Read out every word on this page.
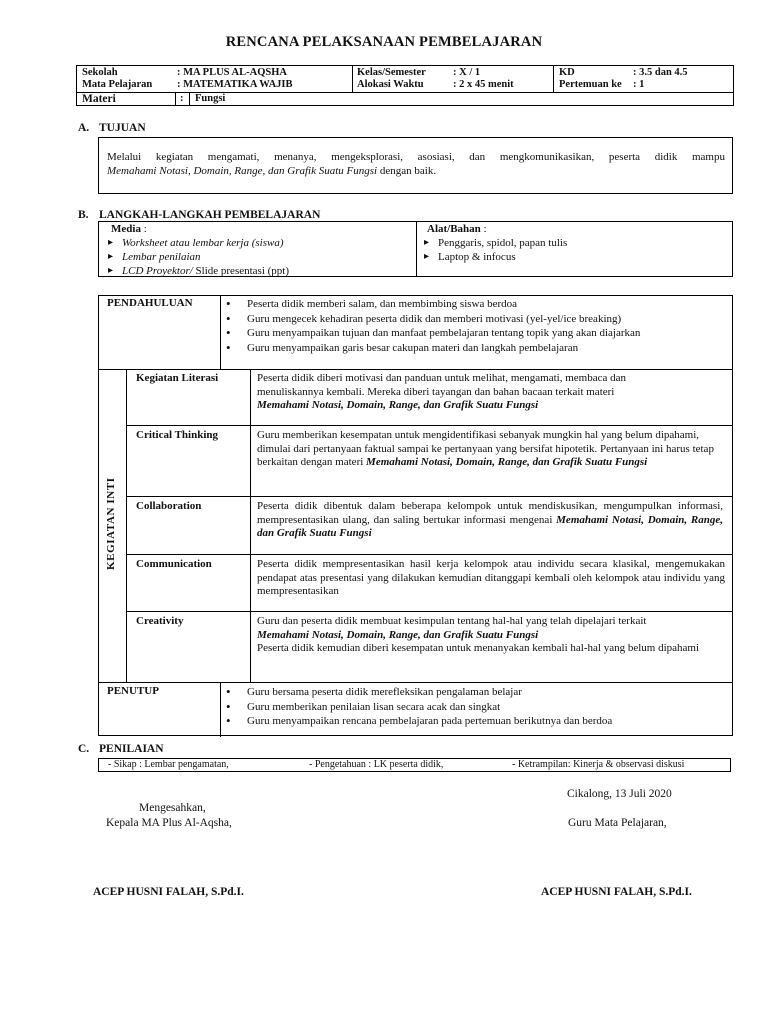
RENCANA PELAKSANAAN PEMBELAJARAN
Sekolah	: MA PLUS AL-AQSHA
Mata Pelajaran : MATEMATIKA WAJIB
Kelas/Semester	: X / 1
Alokasi Waktu	: 2 x 45 menit
KD	: 3.5 dan 4.5
Pertemuan ke : 1
Materi	: Fungsi
A. TUJUAN
Melalui kegiatan mengamati, menanya, mengeksplorasi, asosiasi, dan mengkomunikasikan, peserta didik mampu
Memahami Notasi, Domain, Range, dan Grafik Suatu Fungsi dengan baik.
B. LANGKAH-LANGKAH PEMBELAJARAN
Media :
▸ Worksheet atau lembar kerja (siswa)
▸ Lembar penilaian
▸ LCD Proyektor/ Slide presentasi (ppt)
Alat/Bahan :
▸ Penggaris, spidol, papan tulis
▸ Laptop & infocus
PENDAHULUAN	• Peserta didik memberi salam, dan membimbing siswa berdoa
• Guru mengecek kehadiran peserta didik dan memberi motivasi (yel-yel/ice breaking)
• Guru menyampaikan tujuan dan manfaat pembelajaran tentang topik yang akan diajarkan
• Guru menyampaikan garis besar cakupan materi dan langkah pembelajaran
Kegiatan Literasi	Peserta didik diberi motivasi dan panduan untuk melihat, mengamati, membaca dan menuliskannya kembali. Mereka diberi tayangan dan bahan bacaan terkait materi
Memahami Notasi, Domain, Range, dan Grafik Suatu Fungsi
Critical Thinking	Guru memberikan kesempatan untuk mengidentifikasi sebanyak mungkin hal yang belum dipahami, dimulai dari pertanyaan faktual sampai ke pertanyaan yang bersifat hipotetik. Pertanyaan ini harus tetap berkaitan dengan materi Memahami Notasi, Domain, Range, dan Grafik Suatu Fungsi
Collaboration	Peserta didik dibentuk dalam beberapa kelompok untuk mendiskusikan, mengumpulkan informasi, mempresentasikan ulang, dan saling bertukar informasi mengenai Memahami Notasi, Domain, Range, dan Grafik Suatu Fungsi
Communication	Peserta didik mempresentasikan hasil kerja kelompok atau individu secara klasikal, mengemukakan pendapat atas presentasi yang dilakukan kemudian ditanggapi kembali oleh kelompok atau individu yang mempresentasikan
Creativity	Guru dan peserta didik membuat kesimpulan tentang hal-hal yang telah dipelajari terkait
Memahami Notasi, Domain, Range, dan Grafik Suatu Fungsi
Peserta didik kemudian diberi kesempatan untuk menanyakan kembali hal-hal yang belum dipahami
PENUTUP	• Guru bersama peserta didik merefleksikan pengalaman belajar
• Guru memberikan penilaian lisan secara acak dan singkat
• Guru menyampaikan rencana pembelajaran pada pertemuan berikutnya dan berdoa
KEGIATAN INTI
C. PENILAIAN
- Sikap : Lembar pengamatan,	- Pengetahuan : LK peserta didik,	- Ketrampilan: Kinerja & observasi diskusi
Cikalong, 13 Juli 2020
Mengesahkan,
Kepala MA Plus Al-Aqsha,	Guru Mata Pelajaran,
ACEP HUSNI FALAH, S.Pd.I.	ACEP HUSNI FALAH, S.Pd.I.
